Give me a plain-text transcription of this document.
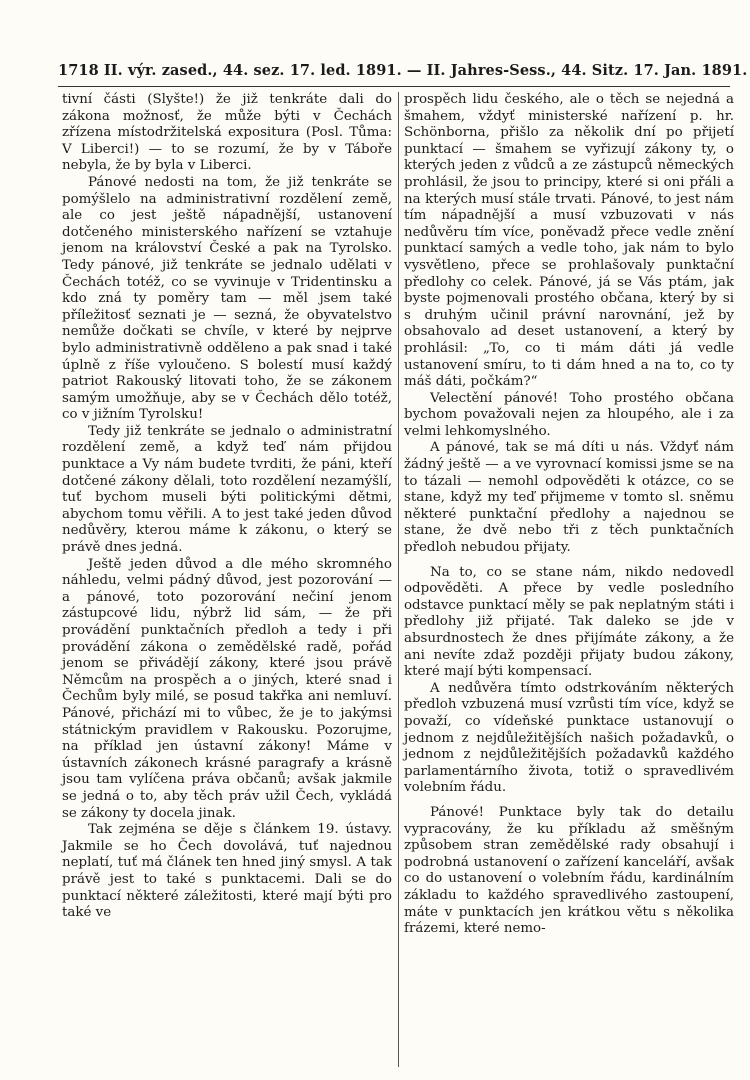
1718 II. výr. zased., 44. sez. 17. led. 1891. — II. Jahres-Sess., 44. Sitz. 17. Jan. 1891.

tivní části (Slyšte!) že již tenkráte dali do zákona možnosť, že může býti v Čechách zřízena místodržitelská expositura (Posl. Tůma: V Liberci!) — to se rozumí, že by v Táboře nebyla, že by byla v Liberci.

Pánové nedosti na tom, že již tenkráte se pomýšlelo na administrativní rozdělení země, ale co jest ještě nápadnější, ustanovení dotčeného ministerského nařízení se vztahuje jenom na království České a pak na Tyrolsko. Tedy pánové, již tenkráte se jednalo udělati v Čechách totéž, co se vyvinuje v Tridentinsku a kdo zná ty poměry tam — měl jsem také příležitosť seznati je — sezná, že obyvatelstvo nemůže dočkati se chvíle, v které by nejprve bylo administrativně odděleno a pak snad i také úplně z říše vyloučeno. S bolestí musí každý patriot Rakouský litovati toho, že se zákonem samým umožňuje, aby se v Čechách dělo totéž, co v jižním Tyrolsku!

Tedy již tenkráte se jednalo o administratní rozdělení země, a když teď nám přijdou punktace a Vy nám budete tvrditi, že páni, kteří dotčené zákony dělali, toto rozdělení nezamýšlí, tuť bychom museli býti politickými dětmi, abychom tomu věřili. A to jest také jeden důvod nedůvěry, kterou máme k zákonu, o který se právě dnes jedná.

Ještě jeden důvod a dle mého skromného náhledu, velmi pádný důvod, jest pozorování — a pánové, toto pozorování nečiní jenom zástupcové lidu, nýbrž lid sám, — že při provádění punktačních předloh a tedy i při provádění zákona o zemědělské radě, pořád jenom se přivádějí zákony, které jsou právě Němcům na prospěch a o jiných, které snad i Čechům byly milé, se posud takřka ani nemluví. Pánové, přichází mi to vůbec, že je to jakýmsi státnickým pravidlem v Rakousku. Pozorujme, na příklad jen ústavní zákony! Máme v ústavních zákonech krásné paragrafy a krásně jsou tam vylíčena práva občanů; avšak jakmile se jedná o to, aby těch práv užil Čech, vykládá se zákony ty docela jinak.

Tak zejména se děje s článkem 19. ústavy. Jakmile se ho Čech dovolává, tuť najednou neplatí, tuť má článek ten hned jiný smysl. A tak právě jest to také s punktacemi. Dali se do punktací některé záležitosti, které mají býti pro také ve

prospěch lidu českého, ale o těch se nejedná a šmahem, vždyť ministerské nařízení p. hr. Schönborna, přišlo za několik dní po přijetí punktací — šmahem se vyřizují zákony ty, o kterých jeden z vůdců a ze zástupců německých prohlásil, že jsou to principy, které si oni přáli a na kterých musí stále trvati. Pánové, to jest nám tím nápadnější a musí vzbuzovati v nás nedůvěru tím více, poněvadž přece vedle znění punktací samých a vedle toho, jak nám to bylo vysvětleno, přece se prohlašovaly punktační předlohy co celek. Pánové, já se Vás ptám, jak byste pojmenovali prostého občana, který by si s druhým učinil právní narovnání, jež by obsahovalo ad deset ustanovení, a který by prohlásil: „To, co ti mám dáti já vedle ustanovení smíru, to ti dám hned a na to, co ty máš dáti, počkám?“

Velectění pánové! Toho prostého občana bychom považovali nejen za hloupého, ale i za velmi lehkomyslného.

A pánové, tak se má díti u nás. Vždyť nám žádný ještě — a ve vyrovnací komissi jsme se na to tázali — nemohl odpověděti k otázce, co se stane, když my teď přijmeme v tomto sl. sněmu některé punktační předlohy a najednou se stane, že dvě nebo tři z těch punktačních předloh nebudou přijaty.

Na to, co se stane nám, nikdo nedovedl odpověděti. A přece by vedle posledního odstavce punktací měly se pak neplatným státi i předlohy již přijaté. Tak daleko se jde v absurdnostech že dnes přijímáte zákony, a že ani nevíte zdaž později přijaty budou zákony, které mají býti kompensací.

A nedůvěra tímto odstrkováním některých předloh vzbuzená musí vzrůsti tím více, když se považí, co vídeňské punktace ustanovují o jednom z nejdůležitějších našich požadavků, o jednom z nejdůležitějších požadavků každého parlamentárního života, totiž o spravedlivém volebním řádu.

Pánové! Punktace byly tak do detailu vypracovány, že ku příkladu až směšným způsobem stran zemědělské rady obsahují i podrobná ustanovení o zařízení kanceláří, avšak co do ustanovení o volebním řádu, kardinálním základu to každého spravedlivého zastoupení, máte v punktacích jen krátkou větu s několika frázemi, které nemo-
